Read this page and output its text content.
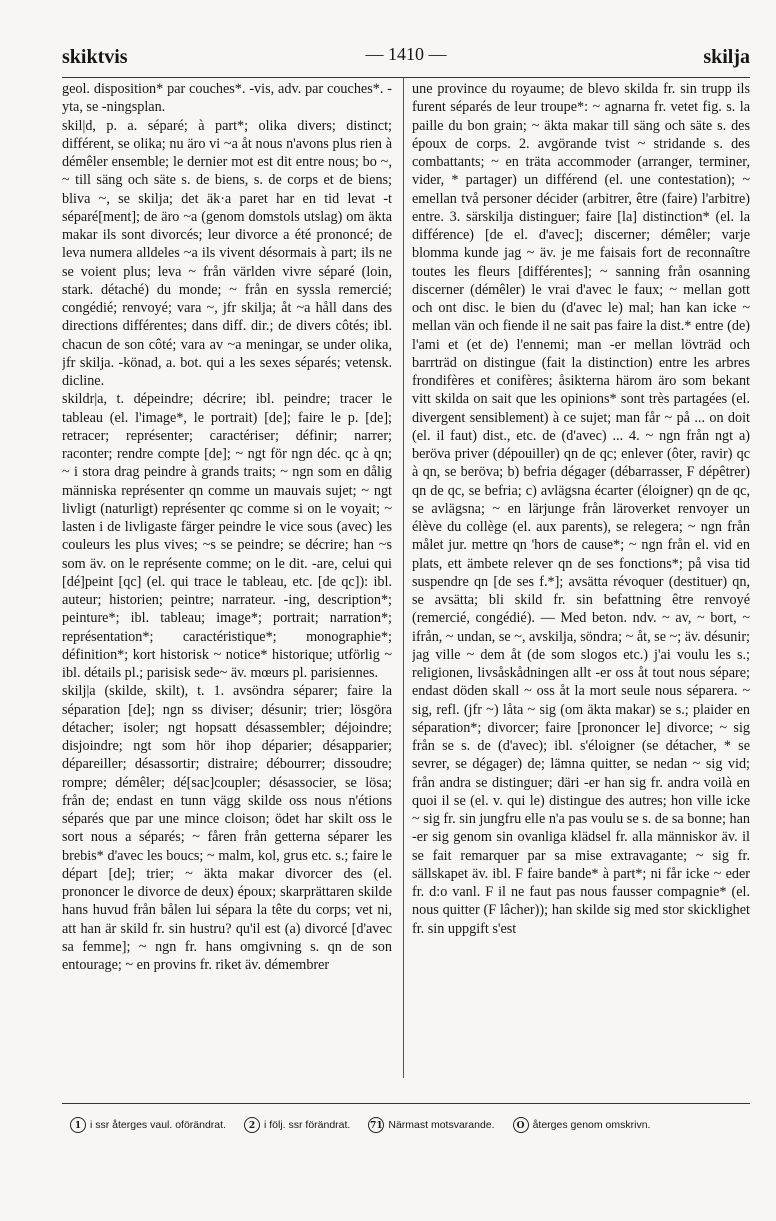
skiktvis	— 1410 —	skilja

geol. disposition* par couches*. -vis, adv. par couches*. -yta, se -ningsplan.

skil|d, p. a. séparé; à part*; olika divers; distinct; différent, se olika; nu äro vi ~a åt nous n'avons plus rien à démêler ensemble; le dernier mot est dit entre nous; bo ~, ~ till säng och säte s. de biens, s. de corps et de biens; bliva ~, se skilja; det äk·a paret har en tid levat -t séparé[ment]; de äro ~a (genom domstols utslag) om äkta makar ils sont divorcés; leur divorce a été prononcé; de leva numera alldeles ~a ils vivent désormais à part; ils ne se voient plus; leva ~ från världen vivre séparé (loin, stark. détaché) du monde; ~ från en syssla remercié; congédié; renvoyé; vara ~, jfr skilja; åt ~a håll dans des directions différentes; dans diff. dir.; de divers côtés; ibl. chacun de son côté; vara av ~a meningar, se under olika, jfr skilja. -könad, a. bot. qui a les sexes séparés; vetensk. dicline.

skildr|a, t. dépeindre; décrire; ibl. peindre; tracer le tableau (el. l'image*, le portrait) [de]; faire le p. [de]; retracer; représenter; caractériser; définir; narrer; raconter; rendre compte [de]; ~ ngt för ngn déc. qc à qn; ~ i stora drag peindre à grands traits; ~ ngn som en dålig människa représenter qn comme un mauvais sujet; ~ ngt livligt (naturligt) représenter qc comme si on le voyait; ~ lasten i de livligaste färger peindre le vice sous (avec) les couleurs les plus vives; ~s se peindre; se décrire; han ~s som äv. on le représente comme; on le dit. -are, celui qui [dé]peint [qc] (el. qui trace le tableau, etc. [de qc]): ibl. auteur; historien; peintre; narrateur. -ing, description*; peinture*; ibl. tableau; image*; portrait; narration*; représentation*; caractéristique*; monographie*; définition*; kort historisk ~ notice* historique; utförlig ~ ibl. détails pl.; parisisk sede~ äv. mœurs pl. parisiennes.

skilj|a (skilde, skilt), t. 1. avsöndra séparer; faire la séparation [de]; ngn ss diviser; désunir; trier; lösgöra détacher; isoler; ngt hopsatt désassembler; déjoindre; disjoindre; ngt som hör ihop déparier; désapparier; dépareiller; désassortir; distraire; débourrer; dissoudre; rompre; démêler; dé[sac]coupler; désassocier, se lösa; från de; endast en tunn vägg skilde oss nous n'étions séparés que par une mince cloison; ödet har skilt oss le sort nous a séparés; ~ fåren från getterna séparer les brebis* d'avec les boucs; ~ malm, kol, grus etc. s.; faire le départ [de]; trier; ~ äkta makar divorcer des (el. prononcer le divorce de deux) époux; skarprättaren skilde hans huvud från bålen lui sépara la tête du corps; vet ni, att han är skild fr. sin hustru? qu'il est (a) divorcé [d'avec sa femme]; ~ ngn fr. hans omgivning s. qn de son entourage; ~ en provins fr. riket äv. démembrer

une province du royaume; de blevo skilda fr. sin trupp ils furent séparés de leur troupe*: ~ agnarna fr. vetet fig. s. la paille du bon grain; ~ äkta makar till säng och säte s. des époux de corps. 2. avgörande tvist ~ stridande s. des combattants; ~ en träta accommoder (arranger, terminer, vider, * partager) un différend (el. une contestation); ~ emellan två personer décider (arbitrer, être (faire) l'arbitre) entre. 3. särskilja distinguer; faire [la] distinction* (el. la différence) [de el. d'avec]; discerner; démêler; varje blomma kunde jag ~ äv. je me faisais fort de reconnaître toutes les fleurs [différentes]; ~ sanning från osanning discerner (démêler) le vrai d'avec le faux; ~ mellan gott och ont disc. le bien du (d'avec le) mal; han kan icke ~ mellan vän och fiende il ne sait pas faire la dist.* entre (de) l'ami et (et de) l'ennemi; man -er mellan lövträd och barrträd on distingue (fait la distinction) entre les arbres frondifères et conifères; åsikterna härom äro som bekant vitt skilda on sait que les opinions* sont très partagées (el. divergent sensiblement) à ce sujet; man får ~ på ... on doit (el. il faut) dist., etc. de (d'avec) ... 4. ~ ngn från ngt a) beröva priver (dépouiller) qn de qc; enlever (ôter, ravir) qc à qn, se beröva; b) befria dégager (débarrasser, F dépêtrer) qn de qc, se befria; c) avlägsna écarter (éloigner) qn de qc, se avlägsna; ~ en lärjunge från läroverket renvoyer un élève du collège (el. aux parents), se relegera; ~ ngn från målet jur. mettre qn 'hors de cause*; ~ ngn från el. vid en plats, ett ämbete relever qn de ses fonctions*; på visa tid suspendre qn [de ses f.*]; avsätta révoquer (destituer) qn, se avsätta; bli skild fr. sin befattning être renvoyé (remercié, congédié). — Med beton. ndv. ~ av, ~ bort, ~ ifrån, ~ undan, se ~, avskilja, söndra; ~ åt, se ~; äv. désunir; jag ville ~ dem åt (de som slogos etc.) j'ai voulu les s.; religionen, livsåskådningen allt -er oss åt tout nous sépare; endast döden skall ~ oss åt la mort seule nous séparera. ~ sig, refl. (jfr ~) låta ~ sig (om äkta makar) se s.; plaider en séparation*; divorcer; faire [prononcer le] divorce; ~ sig från se s. de (d'avec); ibl. s'éloigner (se détacher, * se sevrer, se dégager) de; lämna quitter, se nedan ~ sig vid; från andra se distinguer; däri -er han sig fr. andra voilà en quoi il se (el. v. qui le) distingue des autres; hon ville icke ~ sig fr. sin jungfru elle n'a pas voulu se s. de sa bonne; han -er sig genom sin ovanliga klädsel fr. alla människor äv. il se fait remarquer par sa mise extravagante; ~ sig fr. sällskapet äv. ibl. F faire bande* à part*; ni får icke ~ eder fr. d:o vanl. F il ne faut pas nous fausser compagnie* (el. nous quitter (F lâcher)); han skilde sig med stor skicklighet fr. sin uppgift s'est

1 i ssr återges vaul. oförändrat.	2 i följ. ssr förändrat. 71 Närmast motsvarande.	O återges genom omskrivn.
